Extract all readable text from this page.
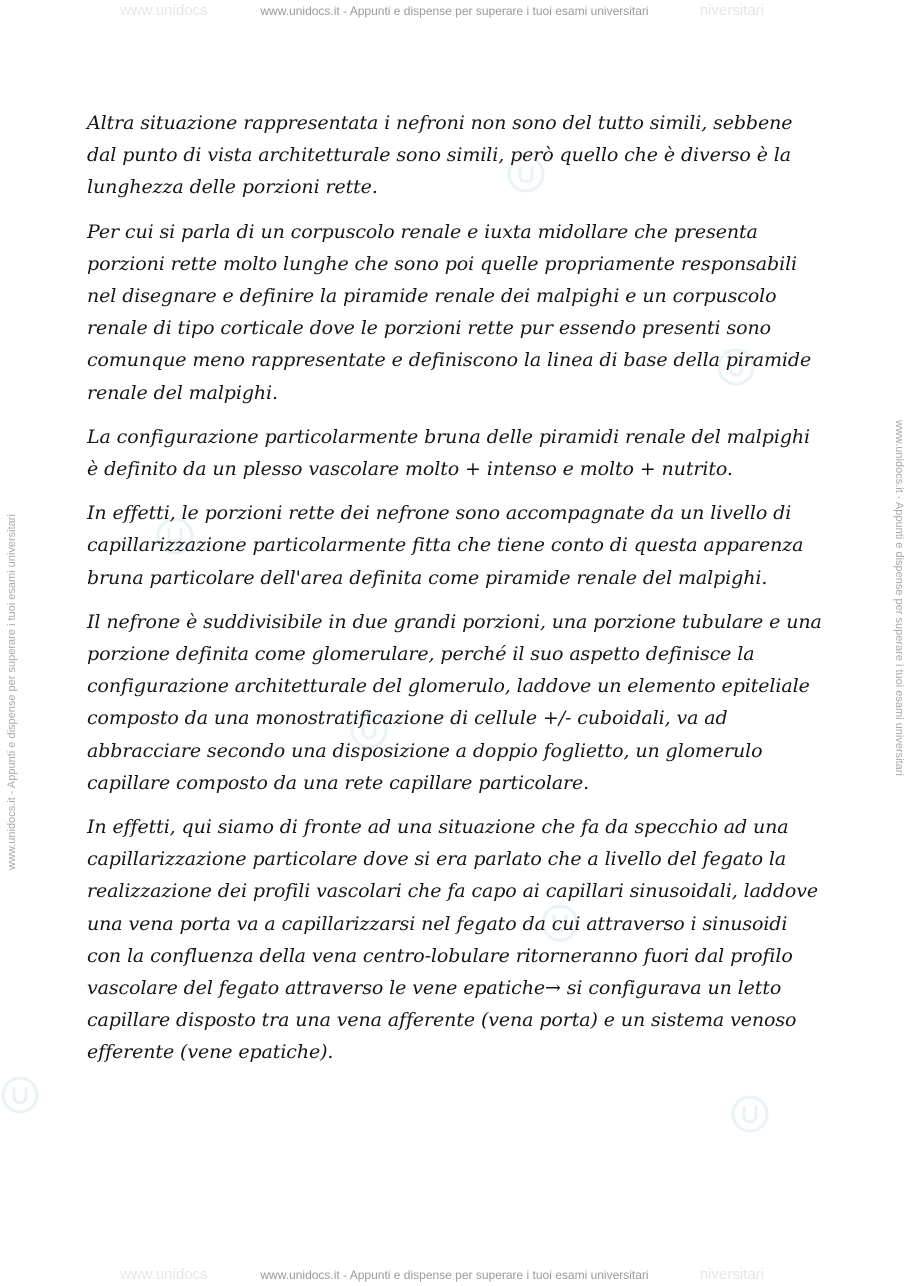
www.unidocs	www.unidocs.it - Appunti e dispense per superare i tuoi esami universitari	niversitari
www.unidocs.it - Appunti e dispense per superare i tuoi esami universitari	www.unidocs.it - Appunti e dispense per superare i tuoi esami universitari

Altra situazione rappresentata i nefroni non sono del tutto simili, sebbene dal punto di vista architetturale sono simili, però quello che è diverso è la lunghezza delle porzioni rette.

Per cui si parla di un corpuscolo renale e iuxta midollare che presenta porzioni rette molto lunghe che sono poi quelle propriamente responsabili nel disegnare e definire la piramide renale dei malpighi e un corpuscolo renale di tipo corticale dove le porzioni rette pur essendo presenti sono comunque meno rappresentate e definiscono la linea di base della piramide renale del malpighi.

La configurazione particolarmente bruna delle piramidi renale del malpighi è definito da un plesso vascolare molto + intenso e molto + nutrito.

In effetti, le porzioni rette dei nefrone sono accompagnate da un livello di capillarizzazione particolarmente fitta che tiene conto di questa apparenza bruna particolare dell'area definita come piramide renale del malpighi.

Il nefrone è suddivisibile in due grandi porzioni, una porzione tubulare e una porzione definita come glomerulare, perché il suo aspetto definisce la configurazione architetturale del glomerulo, laddove un elemento epiteliale composto da una monostratificazione di cellule +/- cuboidali, va ad abbracciare secondo una disposizione a doppio foglietto, un glomerulo capillare composto da una rete capillare particolare.

In effetti, qui siamo di fronte ad una situazione che fa da specchio ad una capillarizzazione particolare dove si era parlato che a livello del fegato la realizzazione dei profili vascolari che fa capo ai capillari sinusoidali, laddove una vena porta va a capillarizzarsi nel fegato da cui attraverso i sinusoidi con la confluenza della vena centro-lobulare ritorneranno fuori dal profilo vascolare del fegato attraverso le vene epatiche→ si configurava un letto capillare disposto tra una vena afferente (vena porta) e un sistema venoso efferente (vene epatiche).

www.unidocs	www.unidocs.it - Appunti e dispense per superare i tuoi esami universitari	niversitari
